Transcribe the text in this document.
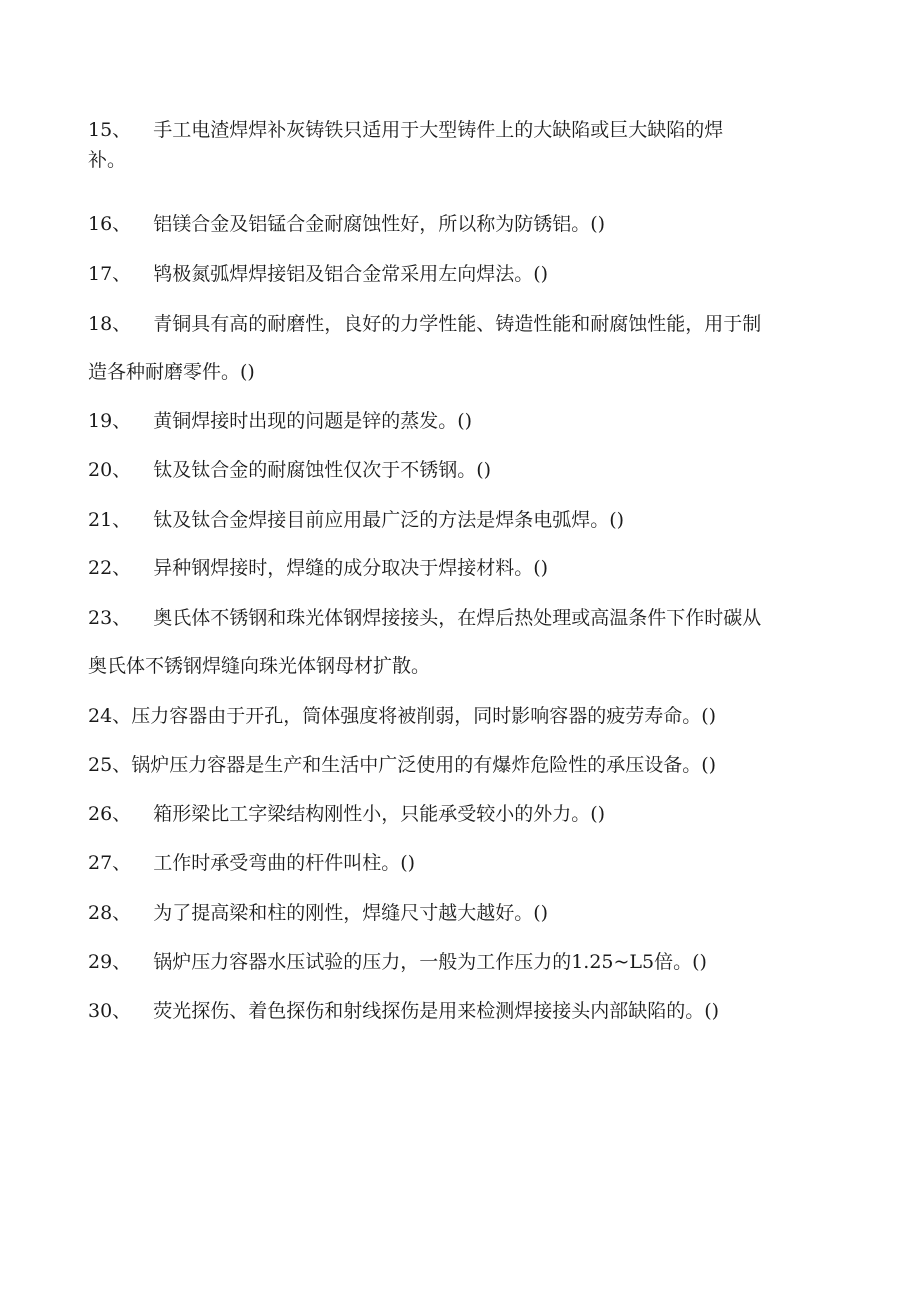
15、 手工电渣焊焊补灰铸铁只适用于大型铸件上的大缺陷或巨大缺陷的焊
补。
16、 铝镁合金及铝锰合金耐腐蚀性好，所以称为防锈铝。()
17、 鸨极氮弧焊焊接铝及铝合金常采用左向焊法。()
18、 青铜具有高的耐磨性，良好的力学性能、铸造性能和耐腐蚀性能，用于制
造各种耐磨零件。()
19、 黄铜焊接时出现的问题是锌的蒸发。()
20、 钛及钛合金的耐腐蚀性仅次于不锈钢。()
21、 钛及钛合金焊接目前应用最广泛的方法是焊条电弧焊。()
22、 异种钢焊接时，焊缝的成分取决于焊接材料。()
23、 奥氏体不锈钢和珠光体钢焊接接头，在焊后热处理或高温条件下作时碳从
奥氏体不锈钢焊缝向珠光体钢母材扩散。
24、压力容器由于开孔，筒体强度将被削弱，同时影响容器的疲劳寿命。()
25、锅炉压力容器是生产和生活中广泛使用的有爆炸危险性的承压设备。()
26、 箱形梁比工字梁结构刚性小，只能承受较小的外力。()
27、 工作时承受弯曲的杆件叫柱。()
28、 为了提高梁和柱的刚性，焊缝尺寸越大越好。()
29、 锅炉压力容器水压试验的压力，一般为工作压力的1.25~L5倍。()
30、 荧光探伤、着色探伤和射线探伤是用来检测焊接接头内部缺陷的。()
